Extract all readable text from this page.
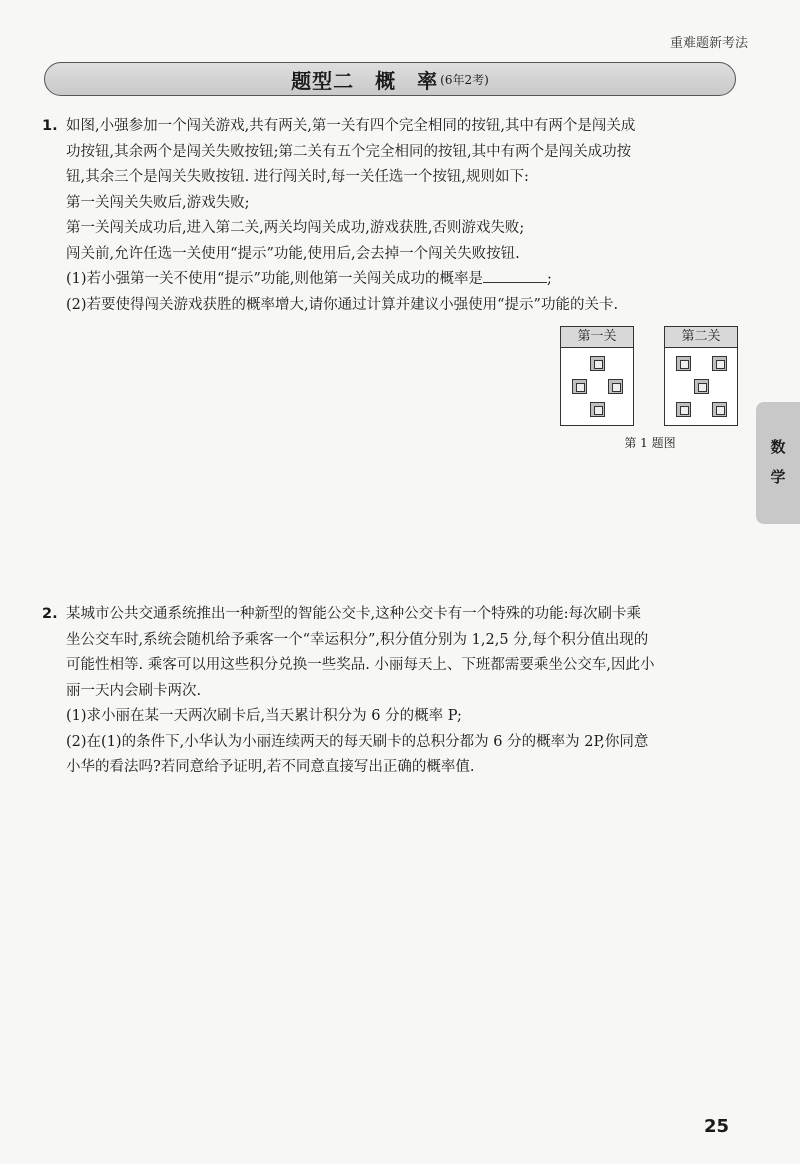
重难题新考法
题型二　概　率 (6年2考)
1. 如图,小强参加一个闯关游戏,共有两关,第一关有四个完全相同的按钮,其中有两个是闯关成
功按钮,其余两个是闯关失败按钮;第二关有五个完全相同的按钮,其中有两个是闯关成功按
钮,其余三个是闯关失败按钮. 进行闯关时,每一关任选一个按钮,规则如下:
第一关闯关失败后,游戏失败;
第一关闯关成功后,进入第二关,两关均闯关成功,游戏获胜,否则游戏失败;
闯关前,允许任选一关使用“提示”功能,使用后,会去掉一个闯关失败按钮.
(1)若小强第一关不使用“提示”功能,则他第一关闯关成功的概率是	;
(2)若要使得闯关游戏获胜的概率增大,请你通过计算并建议小强使用“提示”功能的关卡.
第一关	第二关
第 1 题图
2. 某城市公共交通系统推出一种新型的智能公交卡,这种公交卡有一个特殊的功能:每次刷卡乘
坐公交车时,系统会随机给予乘客一个“幸运积分”,积分值分别为 1,2,5 分,每个积分值出现的
可能性相等. 乘客可以用这些积分兑换一些奖品. 小丽每天上、下班都需要乘坐公交车,因此小
丽一天内会刷卡两次.
(1)求小丽在某一天两次刷卡后,当天累计积分为 6 分的概率 P;
(2)在(1)的条件下,小华认为小丽连续两天的每天刷卡的总积分都为 6 分的概率为 2P,你同意
小华的看法吗?若同意给予证明,若不同意直接写出正确的概率值.
数
学
25
